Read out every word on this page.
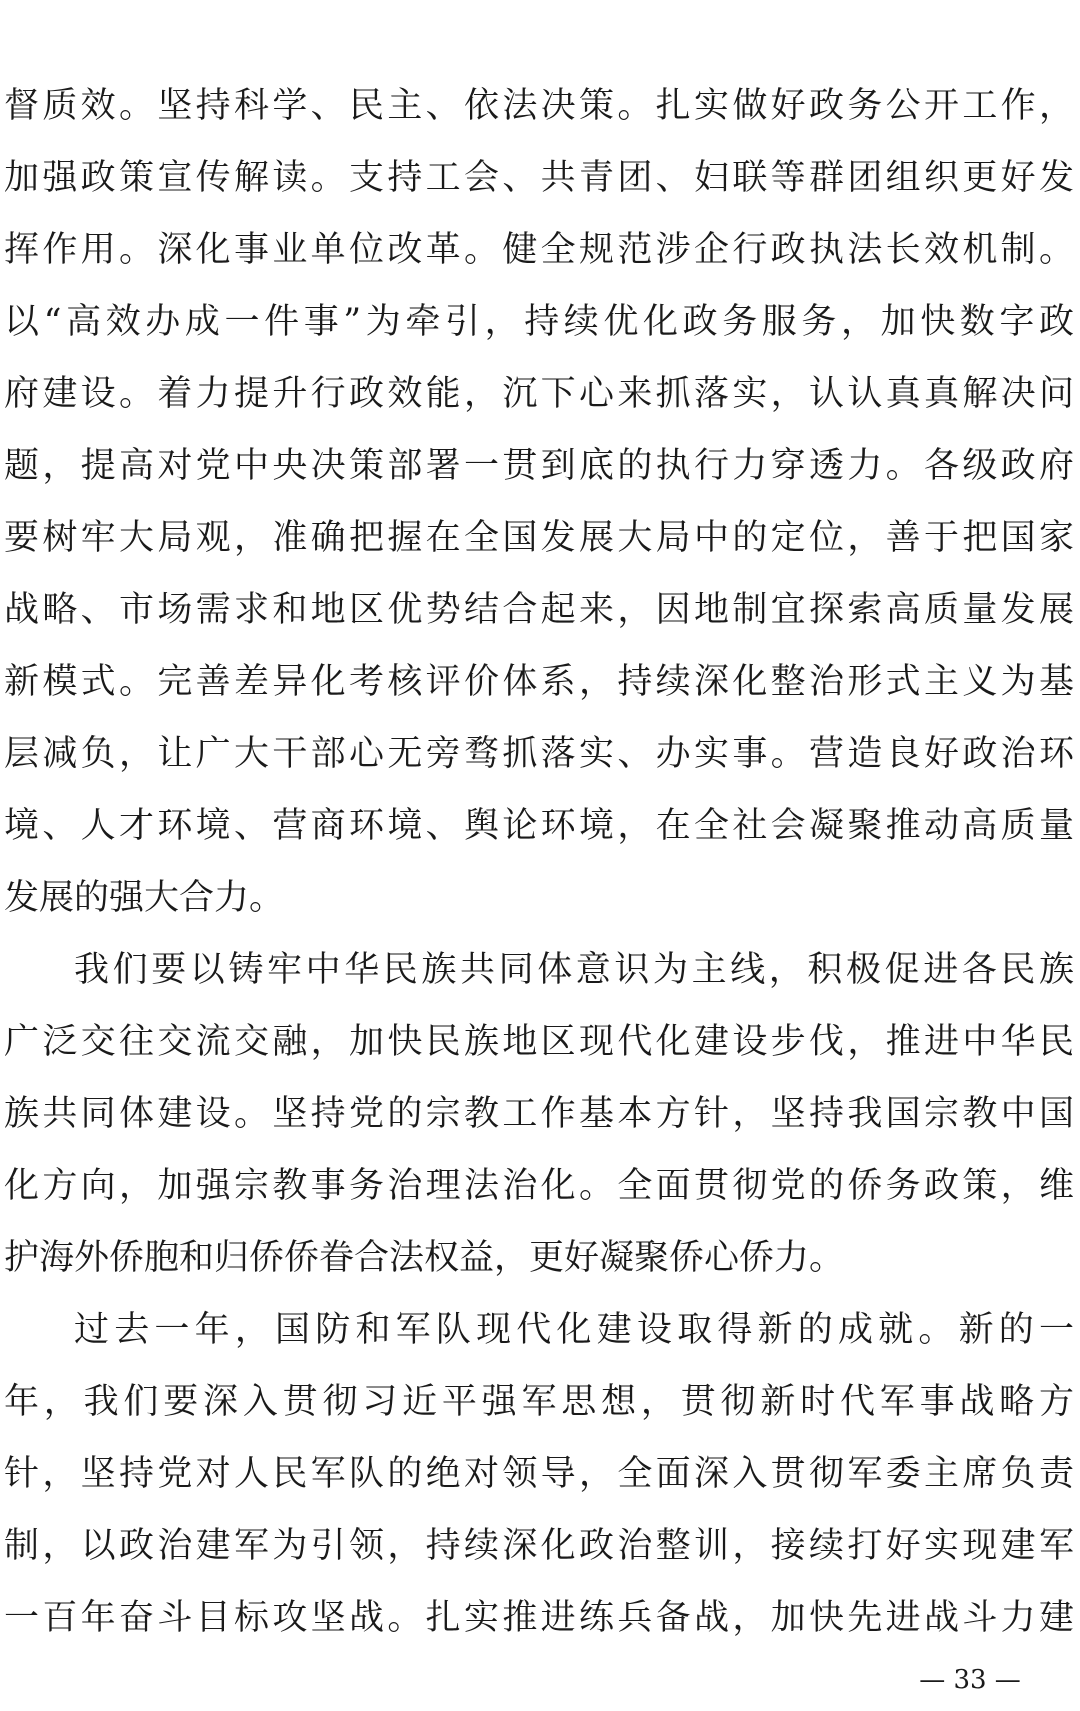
督质效。坚持科学、民主、依法决策。扎实做好政务公开工作，
加强政策宣传解读。支持工会、共青团、妇联等群团组织更好发
挥作用。深化事业单位改革。健全规范涉企行政执法长效机制。
以“高效办成一件事”为牵引，持续优化政务服务，加快数字政
府建设。着力提升行政效能，沉下心来抓落实，认认真真解决问
题，提高对党中央决策部署一贯到底的执行力穿透力。各级政府
要树牢大局观，准确把握在全国发展大局中的定位，善于把国家
战略、市场需求和地区优势结合起来，因地制宜探索高质量发展
新模式。完善差异化考核评价体系，持续深化整治形式主义为基
层减负，让广大干部心无旁骛抓落实、办实事。营造良好政治环
境、人才环境、营商环境、舆论环境，在全社会凝聚推动高质量
发展的强大合力。
我们要以铸牢中华民族共同体意识为主线，积极促进各民族
广泛交往交流交融，加快民族地区现代化建设步伐，推进中华民
族共同体建设。坚持党的宗教工作基本方针，坚持我国宗教中国
化方向，加强宗教事务治理法治化。全面贯彻党的侨务政策，维
护海外侨胞和归侨侨眷合法权益，更好凝聚侨心侨力。
过去一年，国防和军队现代化建设取得新的成就。新的一
年，我们要深入贯彻习近平强军思想，贯彻新时代军事战略方
针，坚持党对人民军队的绝对领导，全面深入贯彻军委主席负责
制，以政治建军为引领，持续深化政治整训，接续打好实现建军
一百年奋斗目标攻坚战。扎实推进练兵备战，加快先进战斗力建
— 33 —
